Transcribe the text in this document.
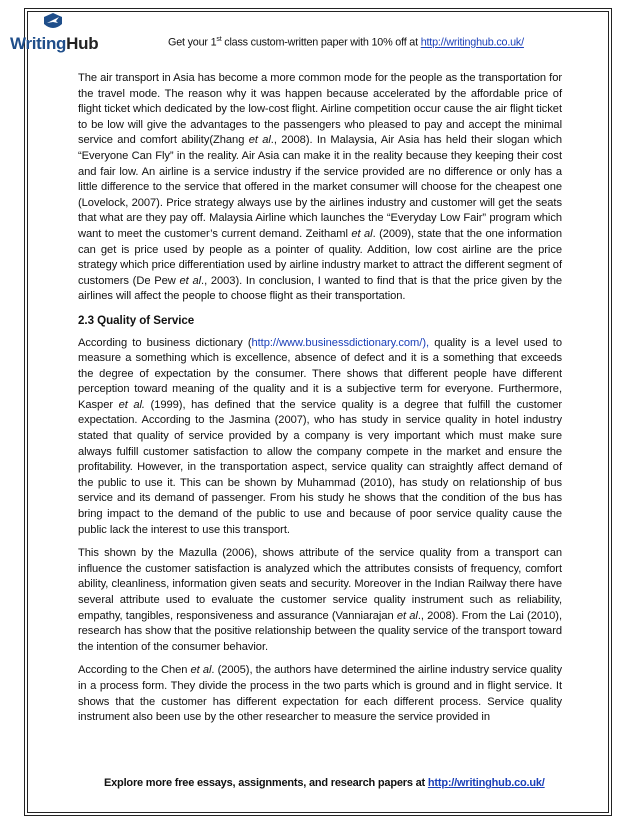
WritingHub	Get your 1st class custom-written paper with 10% off at http://writinghub.co.uk/

The air transport in Asia has become a more common mode for the people as the transportation for the travel mode. The reason why it was happen because accelerated by the affordable price of flight ticket which dedicated by the low-cost flight. Airline competition occur cause the air flight ticket to be low will give the advantages to the passengers who pleased to pay and accept the minimal service and comfort ability(Zhang et al., 2008). In Malaysia, Air Asia has held their slogan which “Everyone Can Fly” in the reality. Air Asia can make it in the reality because they keeping their cost and fair low. An airline is a service industry if the service provided are no difference or only has a little difference to the service that offered in the market consumer will choose for the cheapest one (Lovelock, 2007). Price strategy always use by the airlines industry and customer will get the seats that what are they pay off. Malaysia Airline which launches the “Everyday Low Fair” program which want to meet the customer’s current demand. Zeithaml et al. (2009), state that the one information can get is price used by people as a pointer of quality. Addition, low cost airline are the price strategy which price differentiation used by airline industry market to attract the different segment of customers (De Pew et al., 2003). In conclusion, I wanted to find that is that the price given by the airlines will affect the people to choose flight as their transportation.

2.3 Quality of Service

According to business dictionary (http://www.businessdictionary.com/), quality is a level used to measure a something which is excellence, absence of defect and it is a something that exceeds the degree of expectation by the consumer. There shows that different people have different perception toward meaning of the quality and it is a subjective term for everyone. Furthermore, Kasper et al. (1999), has defined that the service quality is a degree that fulfill the customer expectation. According to the Jasmina (2007), who has study in service quality in hotel industry stated that quality of service provided by a company is very important which must make sure always fulfill customer satisfaction to allow the company compete in the market and ensure the profitability. However, in the transportation aspect, service quality can straightly affect demand of the public to use it. This can be shown by Muhammad (2010), has study on relationship of bus service and its demand of passenger. From his study he shows that the condition of the bus has bring impact to the demand of the public to use and because of poor service quality cause the public lack the interest to use this transport.

This shown by the Mazulla (2006), shows attribute of the service quality from a transport can influence the customer satisfaction is analyzed which the attributes consists of frequency, comfort ability, cleanliness, information given seats and security. Moreover in the Indian Railway there have several attribute used to evaluate the customer service quality instrument such as reliability, empathy, tangibles, responsiveness and assurance (Vanniarajan et al., 2008). From the Lai (2010), research has show that the positive relationship between the quality service of the transport toward the intention of the consumer behavior.

According to the Chen et al. (2005), the authors have determined the airline industry service quality in a process form. They divide the process in the two parts which is ground and in flight service. It shows that the customer has different expectation for each different process. Service quality instrument also been use by the other researcher to measure the service provided in

Explore more free essays, assignments, and research papers at http://writinghub.co.uk/
